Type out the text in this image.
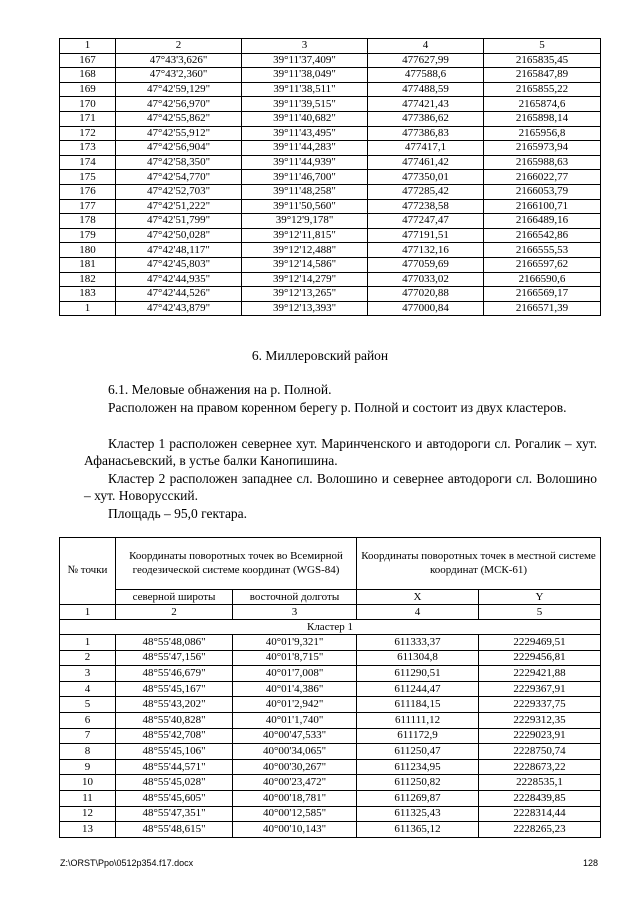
1	2	3	4	5
167	47°43'3,626"	39°11'37,409"	477627,99	2165835,45
168	47°43'2,360"	39°11'38,049"	477588,6	2165847,89
169	47°42'59,129"	39°11'38,511"	477488,59	2165855,22
170	47°42'56,970"	39°11'39,515"	477421,43	2165874,6
171	47°42'55,862"	39°11'40,682"	477386,62	2165898,14
172	47°42'55,912"	39°11'43,495"	477386,83	2165956,8
173	47°42'56,904"	39°11'44,283"	477417,1	2165973,94
174	47°42'58,350"	39°11'44,939"	477461,42	2165988,63
175	47°42'54,770"	39°11'46,700"	477350,01	2166022,77
176	47°42'52,703"	39°11'48,258"	477285,42	2166053,79
177	47°42'51,222"	39°11'50,560"	477238,58	2166100,71
178	47°42'51,799"	39°12'9,178"	477247,47	2166489,16
179	47°42'50,028"	39°12'11,815"	477191,51	2166542,86
180	47°42'48,117"	39°12'12,488"	477132,16	2166555,53
181	47°42'45,803"	39°12'14,586"	477059,69	2166597,62
182	47°42'44,935"	39°12'14,279"	477033,02	2166590,6
183	47°42'44,526"	39°12'13,265"	477020,88	2166569,17
1	47°42'43,879"	39°12'13,393"	477000,84	2166571,39
6. Миллеровский район

6.1. Меловые обнажения на р. Полной.

Расположен на правом коренном берегу р. Полной и состоит из двух кластеров.

Кластер 1 расположен севернее хут. Маринченского и автодороги сл. Рогалик – хут. Афанасьевский, в устье балки Канопишина.

Кластер 2 расположен западнее сл. Волошино и севернее автодороги сл. Волошино – хут. Новорусский.

Площадь – 95,0 гектара.

№ точки	Координаты поворотных точек во Всемирной геодезической системе координат (WGS-84)		Координаты поворотных точек в местной системе координат (МСК-61)	
	северной широты	восточной долготы	X	Y
1	2	3	4	5
Кластер 1				
1	48°55'48,086"	40°01'9,321"	611333,37	2229469,51
2	48°55'47,156"	40°01'8,715"	611304,8	2229456,81
3	48°55'46,679"	40°01'7,008"	611290,51	2229421,88
4	48°55'45,167"	40°01'4,386"	611244,47	2229367,91
5	48°55'43,202"	40°01'2,942"	611184,15	2229337,75
6	48°55'40,828"	40°01'1,740"	611111,12	2229312,35
7	48°55'42,708"	40°00'47,533"	611172,9	2229023,91
8	48°55'45,106"	40°00'34,065"	611250,47	2228750,74
9	48°55'44,571"	40°00'30,267"	611234,95	2228673,22
10	48°55'45,028"	40°00'23,472"	611250,82	2228535,1
11	48°55'45,605"	40°00'18,781"	611269,87	2228439,85
12	48°55'47,351"	40°00'12,585"	611325,43	2228314,44
13	48°55'48,615"	40°00'10,143"	611365,12	2228265,23
Z:\ORST\Ppo\0512p354.f17.docx	128
